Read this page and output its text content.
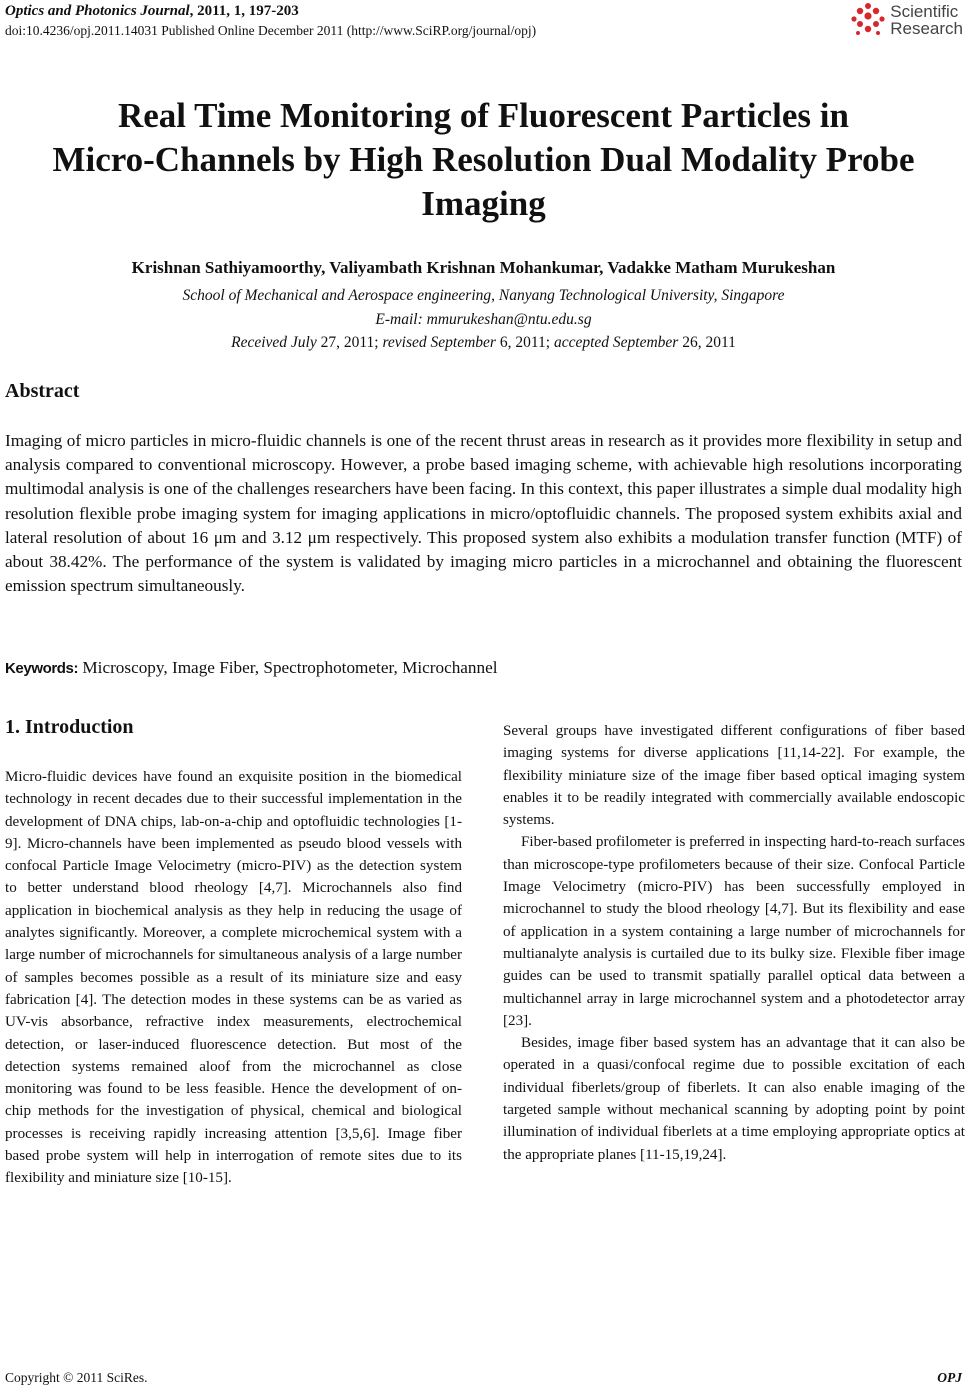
Optics and Photonics Journal, 2011, 1, 197-203
doi:10.4236/opj.2011.14031 Published Online December 2011 (http://www.SciRP.org/journal/opj)
Scientific
Research
Real Time Monitoring of Fluorescent Particles in
Micro-Channels by High Resolution Dual Modality Probe
Imaging
Krishnan Sathiyamoorthy, Valiyambath Krishnan Mohankumar, Vadakke Matham Murukeshan
School of Mechanical and Aerospace engineering, Nanyang Technological University, Singapore
E-mail: mmurukeshan@ntu.edu.sg
Received July 27, 2011; revised September 6, 2011; accepted September 26, 2011
Abstract

Imaging of micro particles in micro-fluidic channels is one of the recent thrust areas in research as it provides more flexibility in setup and analysis compared to conventional microscopy. However, a probe based imaging scheme, with achievable high resolutions incorporating multimodal analysis is one of the challenges researchers have been facing. In this context, this paper illustrates a simple dual modality high resolution flexible probe imaging system for imaging applications in micro/optofluidic channels. The proposed system exhibits axial and lateral resolution of about 16 μm and 3.12 μm respectively. This proposed system also exhibits a modulation transfer function (MTF) of about 38.42%. The performance of the system is validated by imaging micro particles in a microchannel and obtaining the fluorescent emission spectrum simultaneously.

Keywords: Microscopy, Image Fiber, Spectrophotometer, Microchannel
1. Introduction

Micro-fluidic devices have found an exquisite position in the biomedical technology in recent decades due to their successful implementation in the development of DNA chips, lab-on-a-chip and optofluidic technologies [1-9]. Micro-channels have been implemented as pseudo blood vessels with confocal Particle Image Velocimetry (micro-PIV) as the detection system to better understand blood rheology [4,7]. Microchannels also find application in biochemical analysis as they help in reducing the usage of analytes significantly. Moreover, a complete microchemical system with a large number of microchannels for simultaneous analysis of a large number of samples becomes possible as a result of its miniature size and easy fabrication [4]. The detection modes in these systems can be as varied as UV-vis absorbance, refractive index measurements, electrochemical detection, or laser-induced fluorescence detection. But most of the detection systems remained aloof from the microchannel as close monitoring was found to be less feasible. Hence the development of on-chip methods for the investigation of physical, chemical and biological processes is receiving rapidly increasing attention [3,5,6]. Image fiber based probe system will help in interrogation of remote sites due to its flexibility and miniature size [10-15].

Several groups have investigated different configurations of fiber based imaging systems for diverse applications [11,14-22]. For example, the flexibility miniature size of the image fiber based optical imaging system enables it to be readily integrated with commercially available endoscopic systems.

Fiber-based profilometer is preferred in inspecting hard-to-reach surfaces than microscope-type profilometers because of their size. Confocal Particle Image Velocimetry (micro-PIV) has been successfully employed in microchannel to study the blood rheology [4,7]. But its flexibility and ease of application in a system containing a large number of microchannels for multianalyte analysis is curtailed due to its bulky size. Flexible fiber image guides can be used to transmit spatially parallel optical data between a multichannel array in large microchannel system and a photodetector array [23].

Besides, image fiber based system has an advantage that it can also be operated in a quasi/confocal regime due to possible excitation of each individual fiberlets/group of fiberlets. It can also enable imaging of the targeted sample without mechanical scanning by adopting point by point illumination of individual fiberlets at a time employing appropriate optics at the appropriate planes [11-15,19,24].

Copyright © 2011 SciRes.	OPJ
